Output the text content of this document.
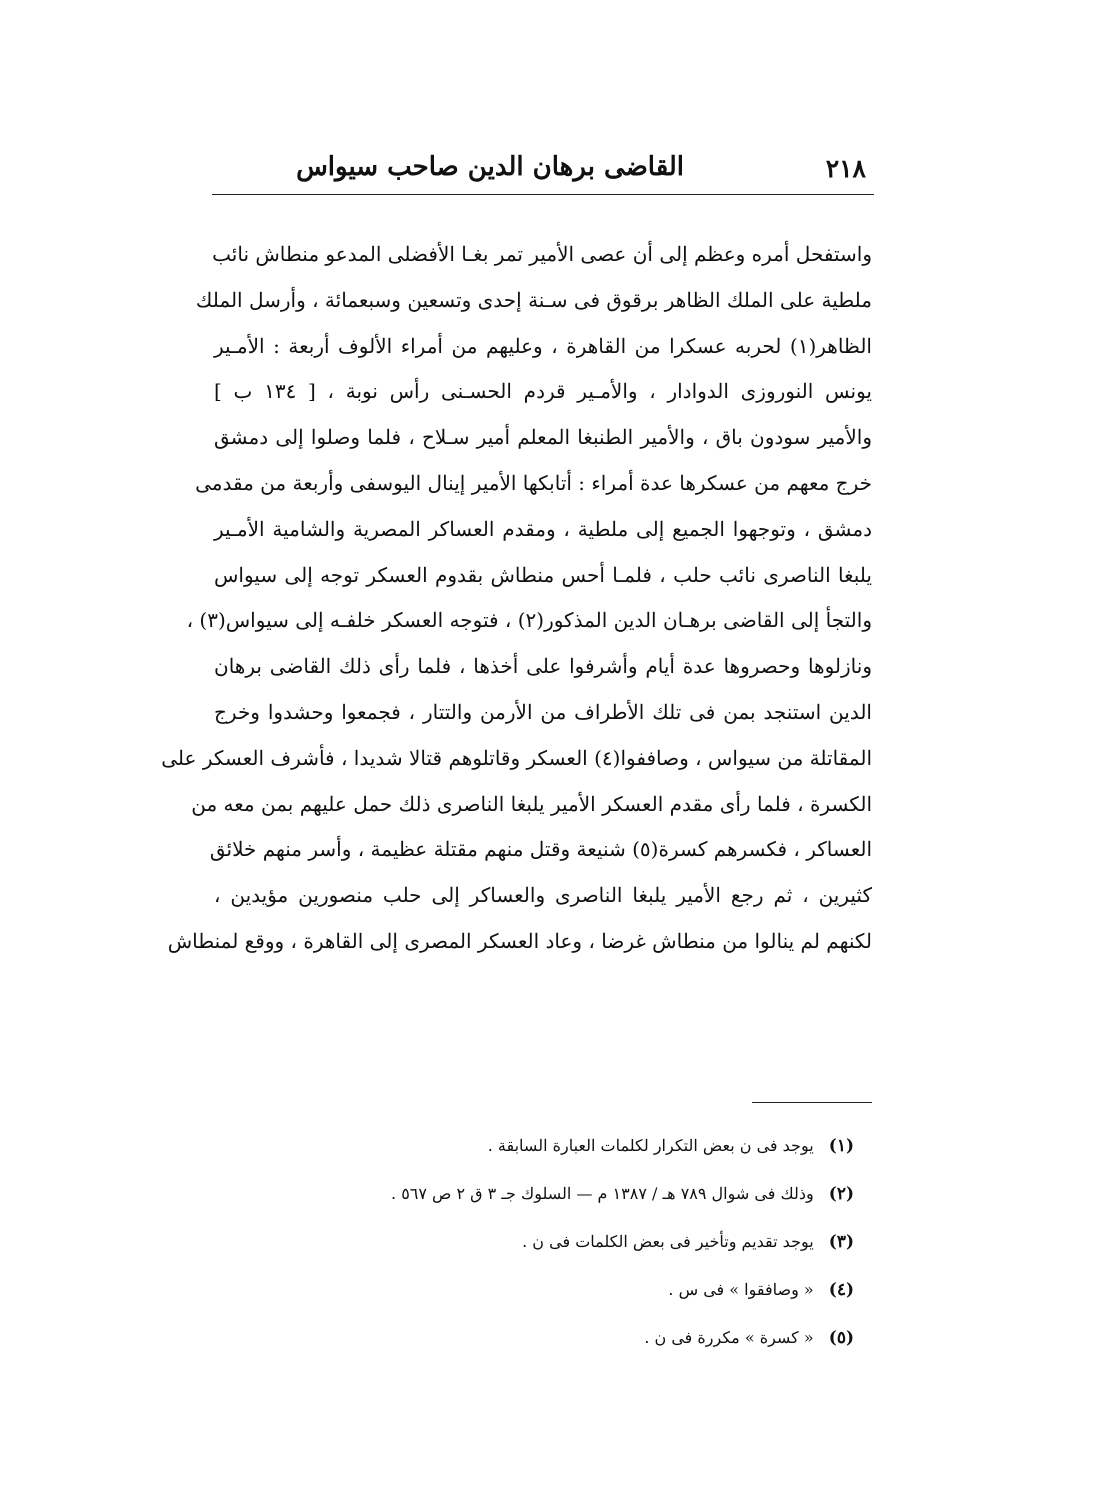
٢١٨
القاضى برهان الدين صاحب سيواس
واستفحل أمره وعظم إلى أن عصى الأمير تمر بغـا الأفضلى المدعو منطاش نائب
ملطية على الملك الظاهر برقوق فى سـنة إحدى وتسعين وسبعمائة ، وأرسل الملك
الظاهر(١) لحربه عسكرا من القاهرة ، وعليهم من أمراء الألوف أربعة : الأمـير
يونس النوروزى الدوادار ، والأمـير قردم الحسـنى رأس نوبة ، [ ١٣٤ ب ]
والأمير سودون باق ، والأمير الطنبغا المعلم أمير سـلاح ، فلما وصلوا إلى دمشق
خرج معهم من عسكرها عدة أمراء : أتابكها الأمير إينال اليوسفى وأربعة من مقدمى
دمشق ، وتوجهوا الجميع إلى ملطية ، ومقدم العساكر المصرية والشامية الأمـير
يلبغا الناصرى نائب حلب ، فلمـا أحس منطاش بقدوم العسكر توجه إلى سيواس
والتجأ إلى القاضى برهـان الدين المذكور(٢) ، فتوجه العسكر خلفـه إلى سيواس(٣) ،
ونازلوها وحصروها عدة أيام وأشرفوا على أخذها ، فلما رأى ذلك القاضى برهان
الدين استنجد بمن فى تلك الأطراف من الأرمن والتتار ، فجمعوا وحشدوا وخرج
المقاتلة من سيواس ، وصاففوا(٤) العسكر وقاتلوهم قتالا شديدا ، فأشرف العسكر على
الكسرة ، فلما رأى مقدم العسكر الأمير يلبغا الناصرى ذلك حمل عليهم بمن معه من
العساكر ، فكسرهم كسرة(٥) شنيعة وقتل منهم مقتلة عظيمة ، وأسر منهم خلائق
كثيرين ، ثم رجع الأمير يلبغا الناصرى والعساكر إلى حلب منصورين مؤيدين ،
لكنهم لم ينالوا من منطاش غرضا ، وعاد العسكر المصرى إلى القاهرة ، ووقع لمنطاش
(١) يوجد فى ن بعض التكرار لكلمات العبارة السابقة .
(٢) وذلك فى شوال ٧٨٩ هـ / ١٣٨٧ م — السلوك جـ ٣ ق ٢ ص ٥٦٧ .
(٣) يوجد تقديم وتأخير فى بعض الكلمات فى ن .
(٤) « وصافقوا » فى س .
(٥) « كسرة » مكررة فى ن .
